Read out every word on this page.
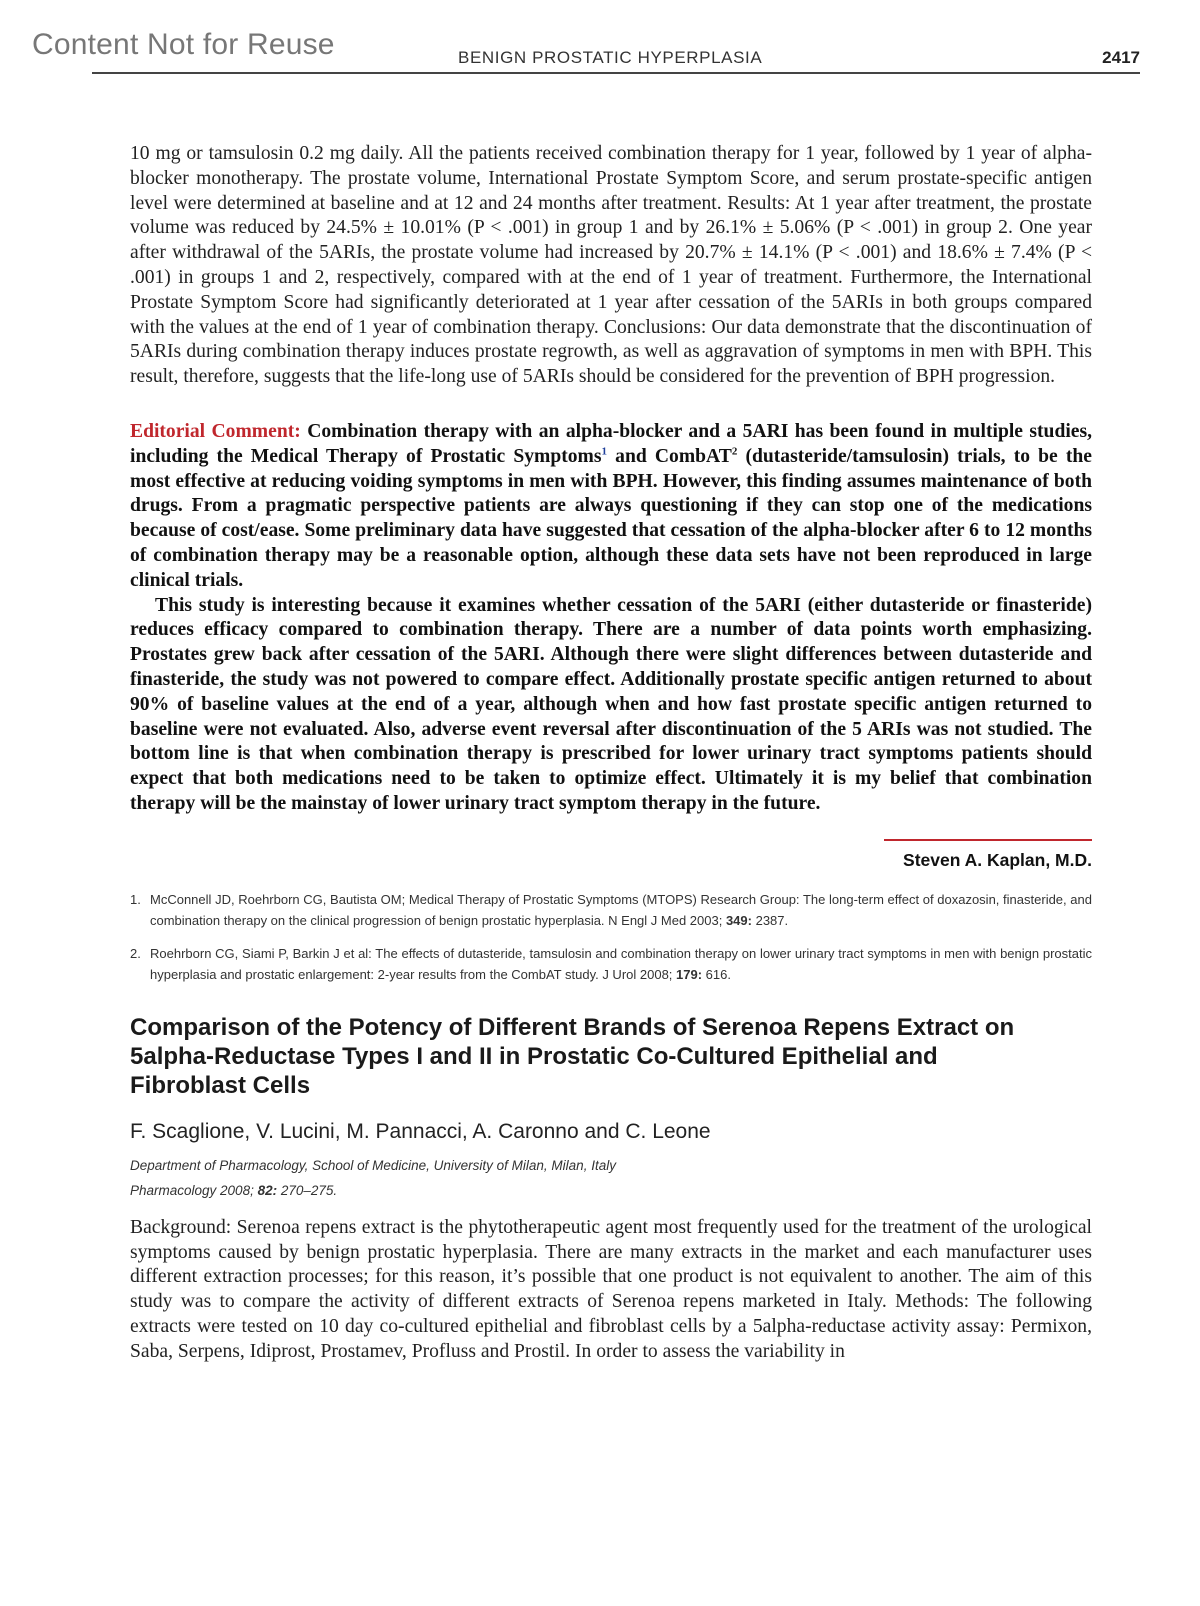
Content Not for Reuse	BENIGN PROSTATIC HYPERPLASIA	2417

10 mg or tamsulosin 0.2 mg daily. All the patients received combination therapy for 1 year, followed by 1 year of alpha-blocker monotherapy. The prostate volume, International Prostate Symptom Score, and serum prostate-specific antigen level were determined at baseline and at 12 and 24 months after treatment. Results: At 1 year after treatment, the prostate volume was reduced by 24.5% ± 10.01% (P < .001) in group 1 and by 26.1% ± 5.06% (P < .001) in group 2. One year after withdrawal of the 5ARIs, the prostate volume had increased by 20.7% ± 14.1% (P < .001) and 18.6% ± 7.4% (P < .001) in groups 1 and 2, respectively, compared with at the end of 1 year of treatment. Furthermore, the International Prostate Symptom Score had significantly deteriorated at 1 year after cessation of the 5ARIs in both groups compared with the values at the end of 1 year of combination therapy. Conclusions: Our data demonstrate that the discontinuation of 5ARIs during combination therapy induces prostate regrowth, as well as aggravation of symptoms in men with BPH. This result, therefore, suggests that the life-long use of 5ARIs should be considered for the prevention of BPH progression.

Editorial Comment: Combination therapy with an alpha-blocker and a 5ARI has been found in multiple studies, including the Medical Therapy of Prostatic Symptoms$^1$ and CombAT$^2$ (dutasteride/tamsulosin) trials, to be the most effective at reducing voiding symptoms in men with BPH. However, this finding assumes maintenance of both drugs. From a pragmatic perspective patients are always questioning if they can stop one of the medications because of cost/ease. Some preliminary data have suggested that cessation of the alpha-blocker after 6 to 12 months of combination therapy may be a reasonable option, although these data sets have not been reproduced in large clinical trials.

This study is interesting because it examines whether cessation of the 5ARI (either dutasteride or finasteride) reduces efficacy compared to combination therapy. There are a number of data points worth emphasizing. Prostates grew back after cessation of the 5ARI. Although there were slight differences between dutasteride and finasteride, the study was not powered to compare effect. Additionally prostate specific antigen returned to about 90% of baseline values at the end of a year, although when and how fast prostate specific antigen returned to baseline were not evaluated. Also, adverse event reversal after discontinuation of the 5 ARIs was not studied. The bottom line is that when combination therapy is prescribed for lower urinary tract symptoms patients should expect that both medications need to be taken to optimize effect. Ultimately it is my belief that combination therapy will be the mainstay of lower urinary tract symptom therapy in the future.

Steven A. Kaplan, M.D.
1. McConnell JD, Roehrborn CG, Bautista OM; Medical Therapy of Prostatic Symptoms (MTOPS) Research Group: The long-term effect of doxazosin, finasteride, and combination therapy on the clinical progression of benign prostatic hyperplasia. N Engl J Med 2003; 349: 2387.
2. Roehrborn CG, Siami P, Barkin J et al: The effects of dutasteride, tamsulosin and combination therapy on lower urinary tract symptoms in men with benign prostatic hyperplasia and prostatic enlargement: 2-year results from the CombAT study. J Urol 2008; 179: 616.
Comparison of the Potency of Different Brands of Serenoa Repens Extract on 5alpha-Reductase Types I and II in Prostatic Co-Cultured Epithelial and Fibroblast Cells
F. Scaglione, V. Lucini, M. Pannacci, A. Caronno and C. Leone
Department of Pharmacology, School of Medicine, University of Milan, Milan, Italy
Pharmacology 2008; 82: 270–275.

Background: Serenoa repens extract is the phytotherapeutic agent most frequently used for the treatment of the urological symptoms caused by benign prostatic hyperplasia. There are many extracts in the market and each manufacturer uses different extraction processes; for this reason, it’s possible that one product is not equivalent to another. The aim of this study was to compare the activity of different extracts of Serenoa repens marketed in Italy. Methods: The following extracts were tested on 10 day co-cultured epithelial and fibroblast cells by a 5alpha-reductase activity assay: Permixon, Saba, Serpens, Idiprost, Prostamev, Profluss and Prostil. In order to assess the variability in
